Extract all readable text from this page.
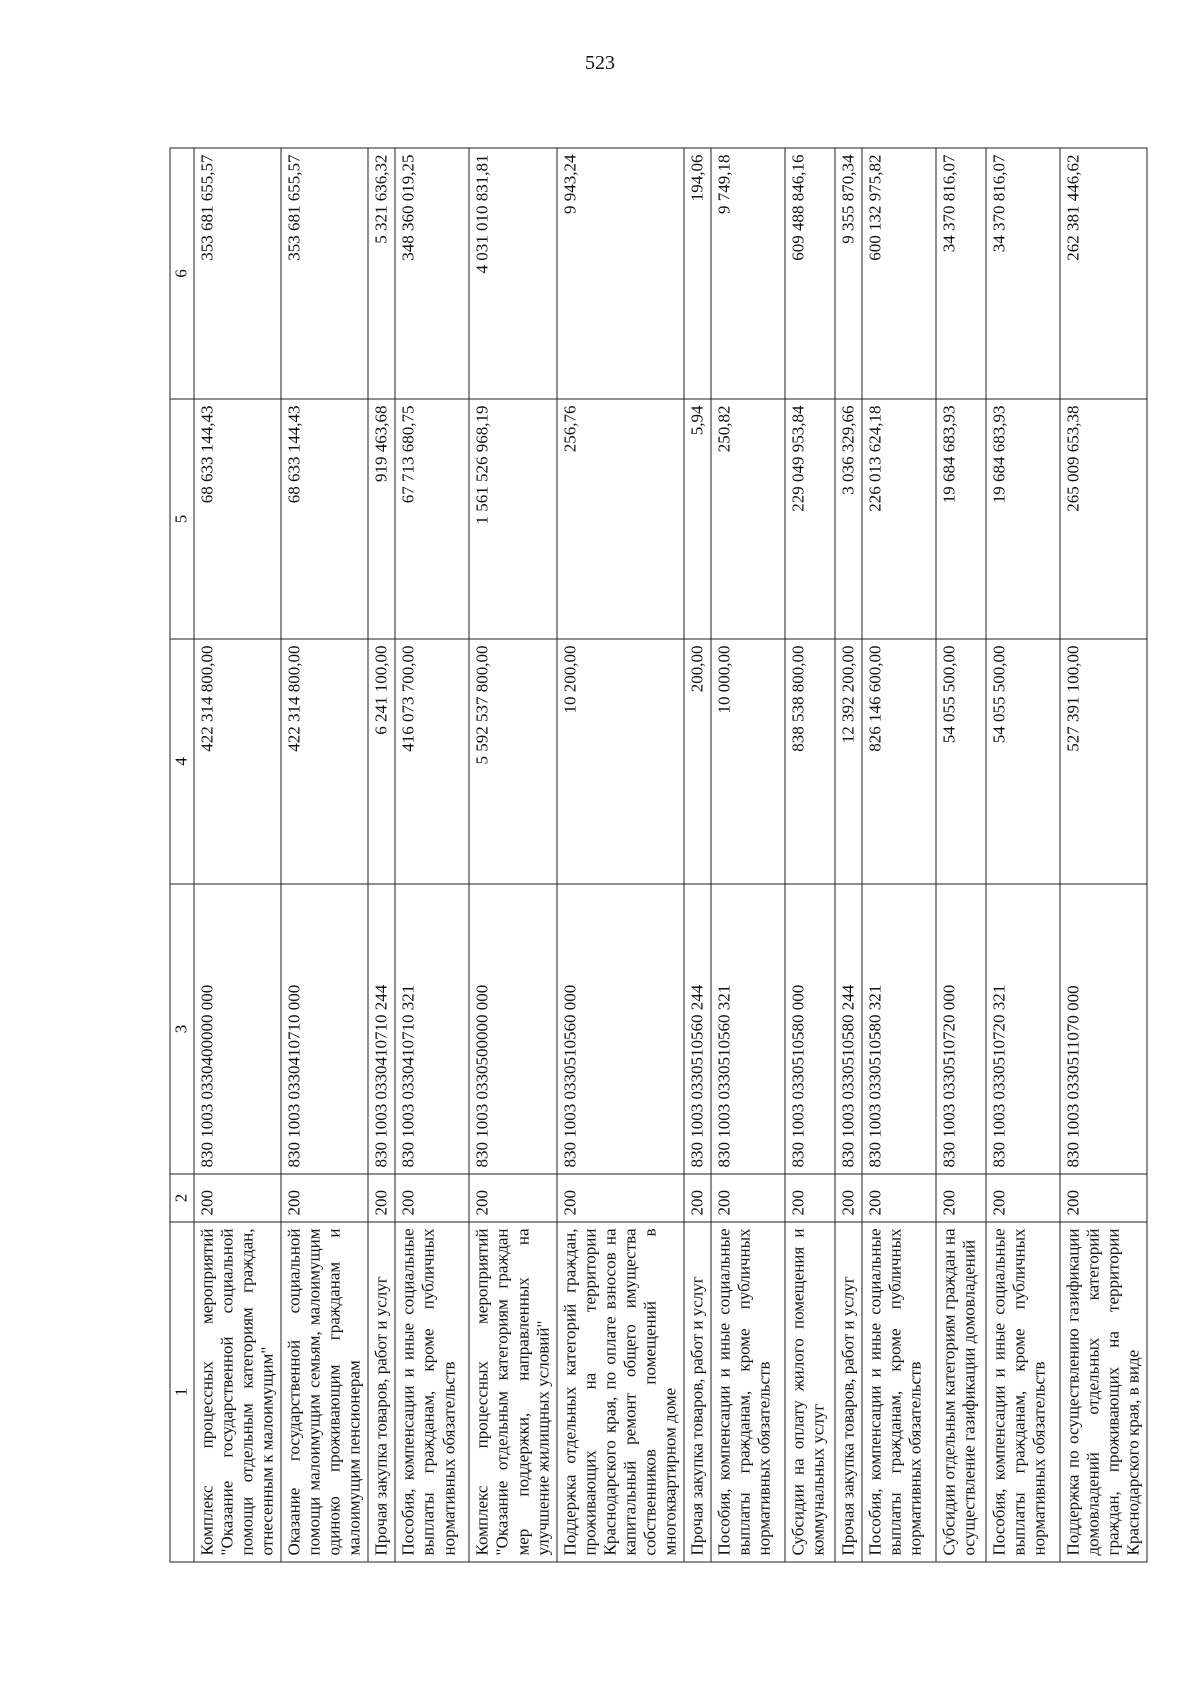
523
1	2	3	4	5	6
Комплекс процессных мероприятий "Оказание государственной социальной помощи отдельным категориям граждан, отнесенным к малоимущим"	200	830 1003 0330400000 000	422 314 800,00	68 633 144,43	353 681 655,57
Оказание государственной социальной помощи малоимущим семьям, малоимущим одиноко проживающим гражданам и малоимущим пенсионерам	200	830 1003 0330410710 000	422 314 800,00	68 633 144,43	353 681 655,57
Прочая закупка товаров, работ и услуг	200	830 1003 0330410710 244	6 241 100,00	919 463,68	5 321 636,32
Пособия, компенсации и иные социальные выплаты гражданам, кроме публичных нормативных обязательств	200	830 1003 0330410710 321	416 073 700,00	67 713 680,75	348 360 019,25
Комплекс процессных мероприятий "Оказание отдельным категориям граждан мер поддержки, направленных на улучшение жилищных условий"	200	830 1003 0330500000 000	5 592 537 800,00	1 561 526 968,19	4 031 010 831,81
Поддержка отдельных категорий граждан, проживающих на территории Краснодарского края, по оплате взносов на капитальный ремонт общего имущества собственников помещений в многоквартирном доме	200	830 1003 0330510560 000	10 200,00	256,76	9 943,24
Прочая закупка товаров, работ и услуг	200	830 1003 0330510560 244	200,00	5,94	194,06
Пособия, компенсации и иные социальные выплаты гражданам, кроме публичных нормативных обязательств	200	830 1003 0330510560 321	10 000,00	250,82	9 749,18
Субсидии на оплату жилого помещения и коммунальных услуг	200	830 1003 0330510580 000	838 538 800,00	229 049 953,84	609 488 846,16
Прочая закупка товаров, работ и услуг	200	830 1003 0330510580 244	12 392 200,00	3 036 329,66	9 355 870,34
Пособия, компенсации и иные социальные выплаты гражданам, кроме публичных нормативных обязательств	200	830 1003 0330510580 321	826 146 600,00	226 013 624,18	600 132 975,82
Субсидии отдельным категориям граждан на осуществление газификации домовладений	200	830 1003 0330510720 000	54 055 500,00	19 684 683,93	34 370 816,07
Пособия, компенсации и иные социальные выплаты гражданам, кроме публичных нормативных обязательств	200	830 1003 0330510720 321	54 055 500,00	19 684 683,93	34 370 816,07
Поддержка по осуществлению газификации домовладений отдельных категорий граждан, проживающих на территории Краснодарского края, в виде	200	830 1003 0330511070 000	527 391 100,00	265 009 653,38	262 381 446,62
